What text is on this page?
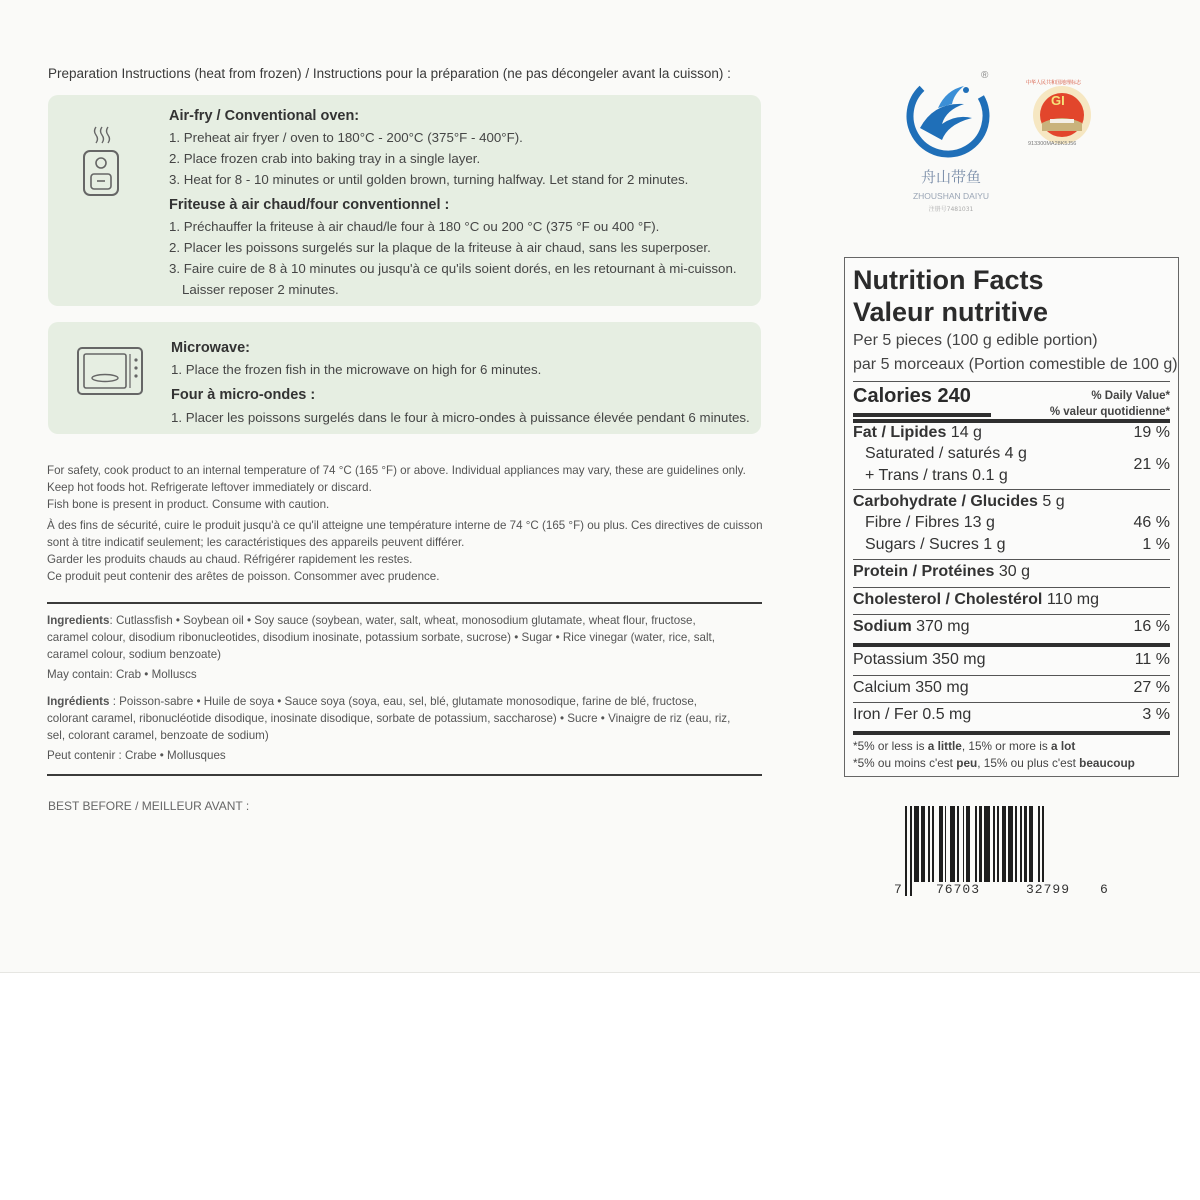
Preparation Instructions (heat from frozen) / Instructions pour la préparation (ne pas décongeler avant la cuisson) :
Air-fry / Conventional oven:
1. Preheat air fryer / oven to 180°C - 200°C (375°F - 400°F).
2. Place frozen crab into baking tray in a single layer.
3. Heat for 8 - 10 minutes or until golden brown, turning halfway. Let stand for 2 minutes.
Friteuse à air chaud/four conventionnel :
1. Préchauffer la friteuse à air chaud/le four à 180 °C ou 200 °C (375 °F ou 400 °F).
2. Placer les poissons surgelés sur la plaque de la friteuse à air chaud, sans les superposer.
3. Faire cuire de 8 à 10 minutes ou jusqu'à ce qu'ils soient dorés, en les retournant à mi-cuisson.
Laisser reposer 2 minutes.
Microwave:
1. Place the frozen fish in the microwave on high for 6 minutes.
Four à micro-ondes :
1. Placer les poissons surgelés dans le four à micro-ondes à puissance élevée pendant 6 minutes.
For safety, cook product to an internal temperature of 74 °C (165 °F) or above. Individual appliances may vary, these are guidelines only.
Keep hot foods hot. Refrigerate leftover immediately or discard.
Fish bone is present in product. Consume with caution.
À des fins de sécurité, cuire le produit jusqu'à ce qu'il atteigne une température interne de 74 °C (165 °F) ou plus. Ces directives de cuisson
sont à titre indicatif seulement; les caractéristiques des appareils peuvent différer.
Garder les produits chauds au chaud. Réfrigérer rapidement les restes.
Ce produit peut contenir des arêtes de poisson. Consommer avec prudence.
Ingredients: Cutlassfish • Soybean oil • Soy sauce (soybean, water, salt, wheat, monosodium glutamate, wheat flour, fructose,
caramel colour, disodium ribonucleotides, disodium inosinate, potassium sorbate, sucrose) • Sugar • Rice vinegar (water, rice, salt,
caramel colour, sodium benzoate)
May contain: Crab • Molluscs
Ingrédients : Poisson-sabre • Huile de soya • Sauce soya (soya, eau, sel, blé, glutamate monosodique, farine de blé, fructose,
colorant caramel, ribonucléotide disodique, inosinate disodique, sorbate de potassium, saccharose) • Sucre • Vinaigre de riz (eau, riz,
sel, colorant caramel, benzoate de sodium)
Peut contenir : Crabe • Mollusques
BEST BEFORE / MEILLEUR AVANT :
®
舟山带鱼
ZHOUSHAN DAIYU
注册号7481031
GI
中华人民共和国地理标志
913300MA28K5J56
Nutrition Facts
Valeur nutritive
Per 5 pieces (100 g edible portion)
par 5 morceaux (Portion comestible de 100 g)
Calories 240	% Daily Value*
% valeur quotidienne*
Fat / Lipides 14 g	19 %
Saturated / saturés 4 g
+ Trans / trans 0.1 g
21 %
Carbohydrate / Glucides 5 g
Fibre / Fibres 13 g	46 %
Sugars / Sucres 1 g	1 %
Protein / Protéines 30 g
Cholesterol / Cholestérol 110 mg
Sodium 370 mg	16 %
Potassium 350 mg	11 %
Calcium 350 mg	27 %
Iron / Fer 0.5 mg	3 %
*5% or less is a little, 15% or more is a lot
*5% ou moins c'est peu, 15% ou plus c'est beaucoup
7	76703	32799	6
